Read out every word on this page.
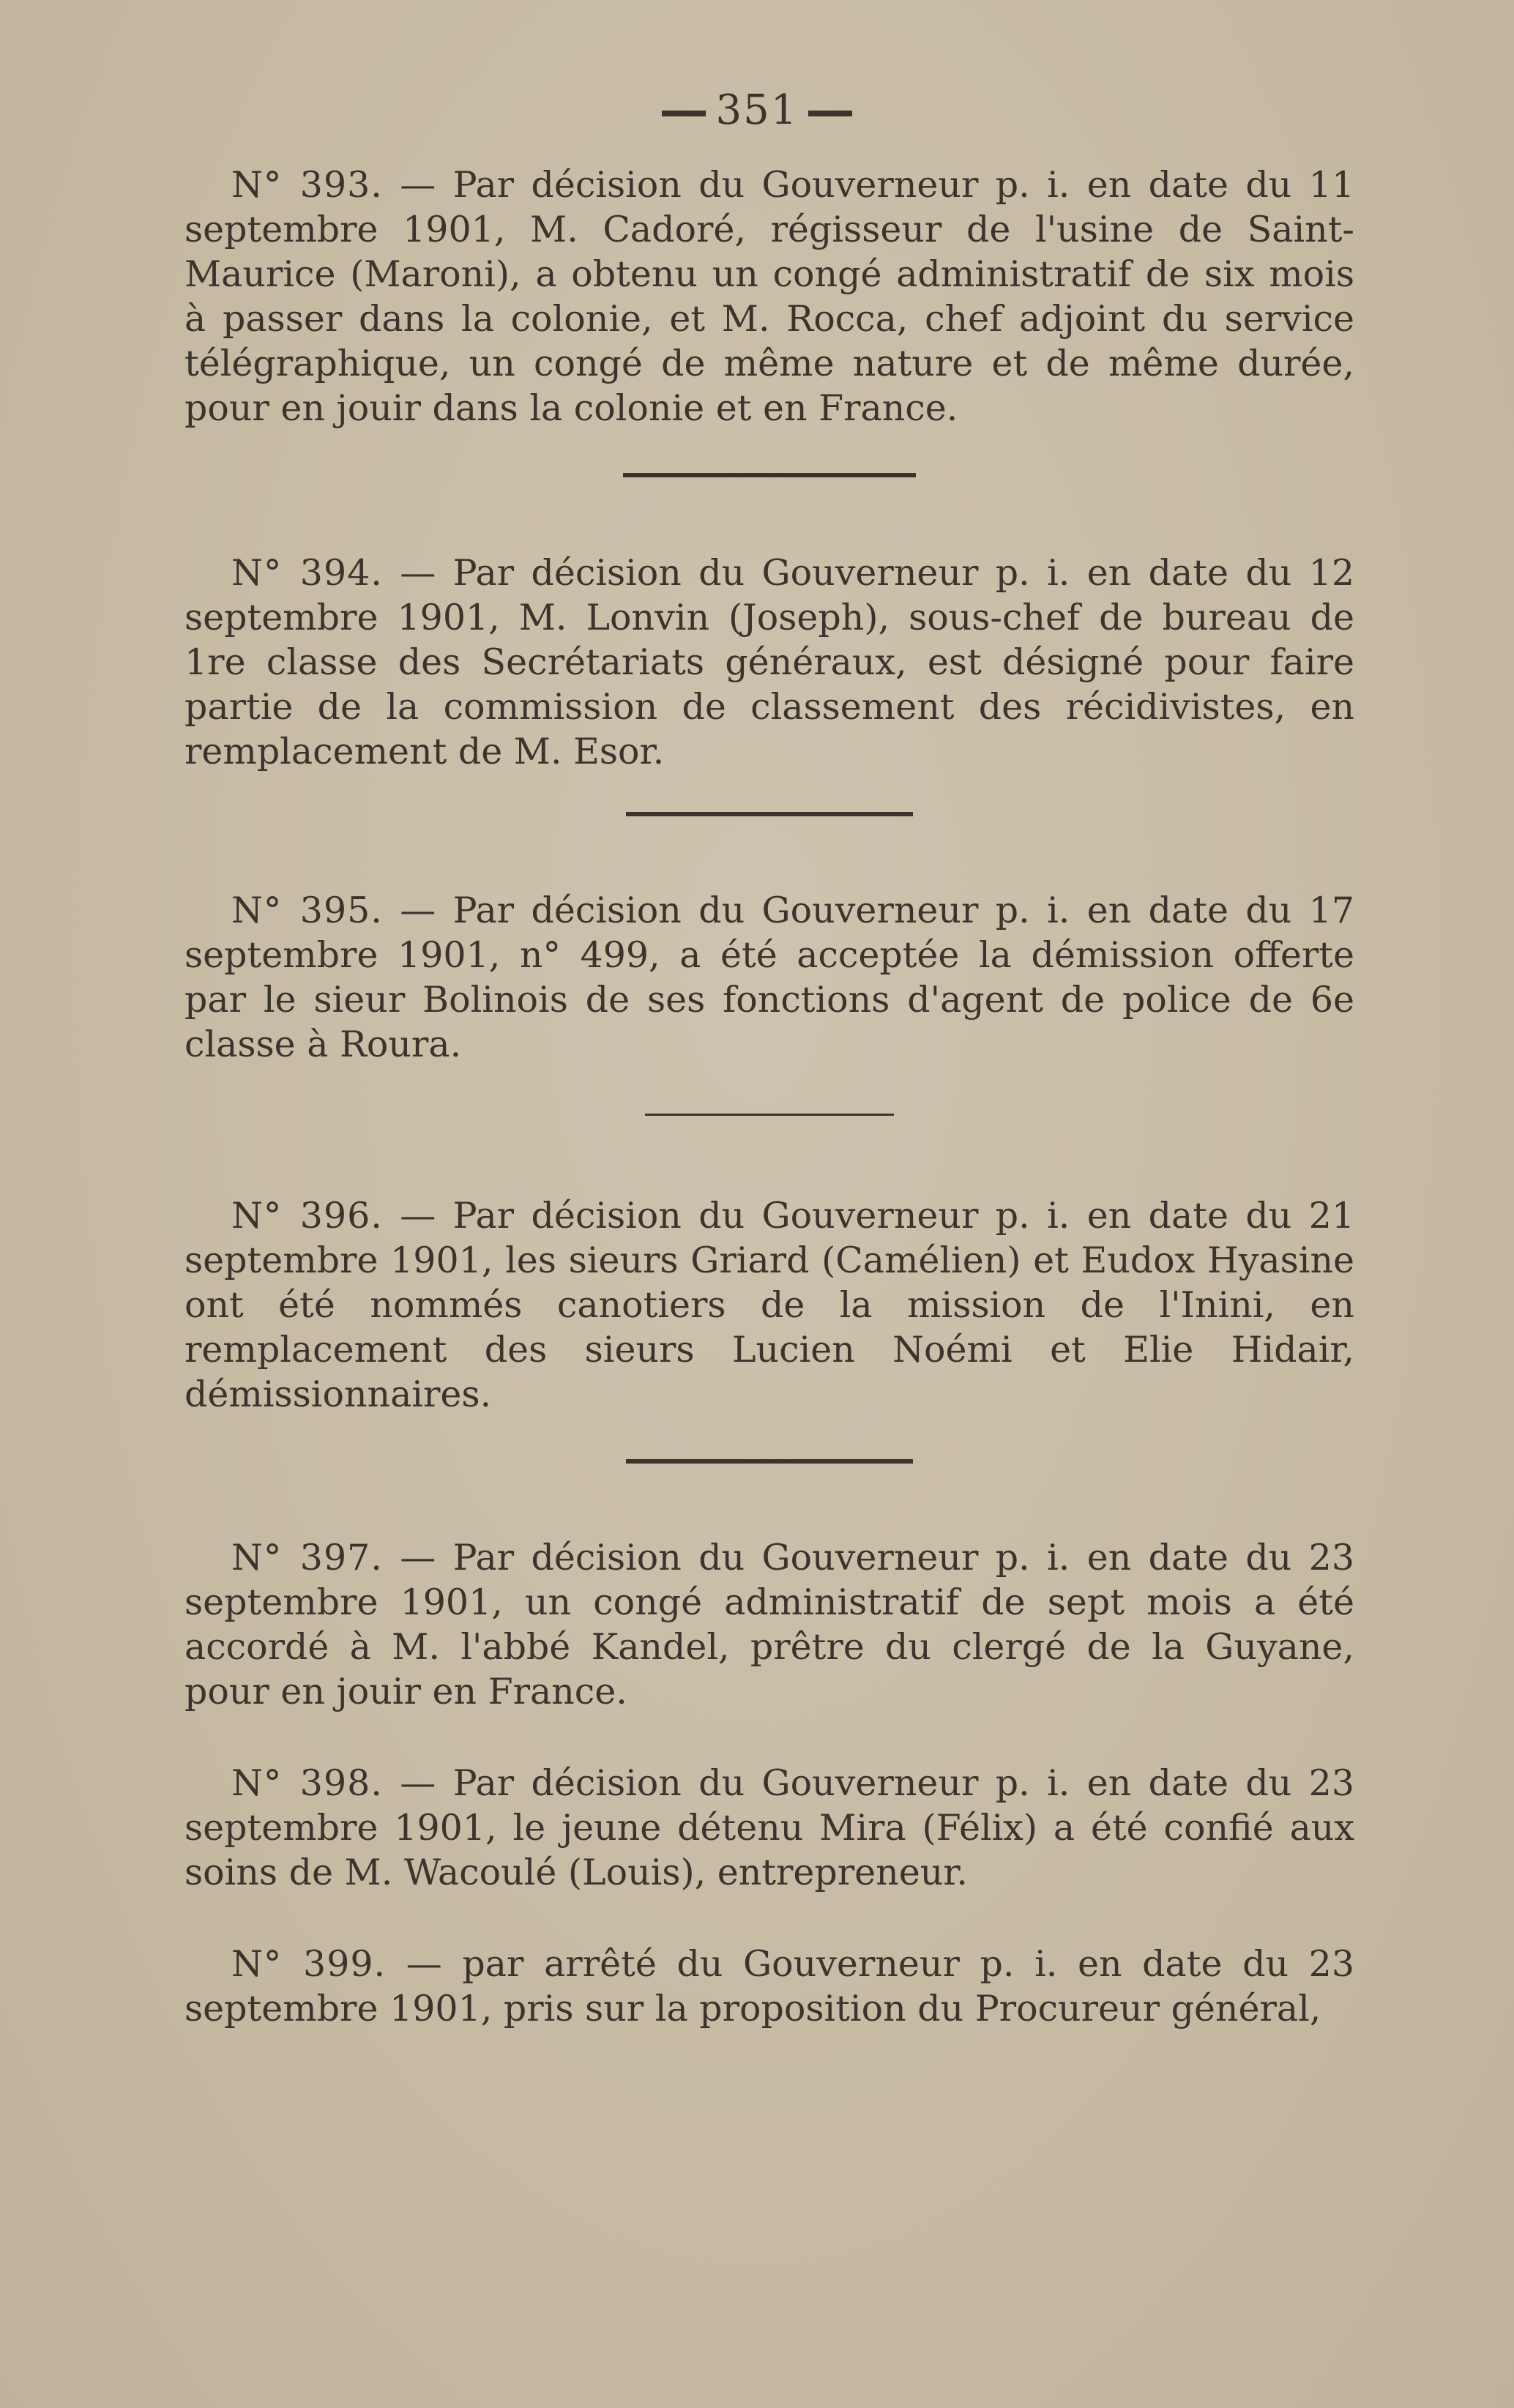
351

N° 393. — Par décision du Gouverneur p. i. en date du 11 septembre 1901, M. Cadoré, régisseur de l'usine de Saint-Maurice (Maroni), a obtenu un congé administratif de six mois à passer dans la colonie, et M. Rocca, chef adjoint du service télégraphique, un congé de même nature et de même durée, pour en jouir dans la colonie et en France.

N° 394. — Par décision du Gouverneur p. i. en date du 12 septembre 1901, M. Lonvin (Joseph), sous-chef de bureau de 1re classe des Secrétariats généraux, est désigné pour faire partie de la commission de classement des récidivistes, en remplacement de M. Esor.

N° 395. — Par décision du Gouverneur p. i. en date du 17 septembre 1901, n° 499, a été acceptée la démission offerte par le sieur Bolinois de ses fonctions d'agent de police de 6e classe à Roura.

N° 396. — Par décision du Gouverneur p. i. en date du 21 septembre 1901, les sieurs Griard (Camélien) et Eudox Hyasine ont été nommés canotiers de la mission de l'Inini, en remplacement des sieurs Lucien Noémi et Elie Hidair, démissionnaires.

N° 397. — Par décision du Gouverneur p. i. en date du 23 septembre 1901, un congé administratif de sept mois a été accordé à M. l'abbé Kandel, prêtre du clergé de la Guyane, pour en jouir en France.

N° 398. — Par décision du Gouverneur p. i. en date du 23 septembre 1901, le jeune détenu Mira (Félix) a été confié aux soins de M. Wacoulé (Louis), entrepreneur.

N° 399. — par arrêté du Gouverneur p. i. en date du 23 septembre 1901, pris sur la proposition du Procureur général,
